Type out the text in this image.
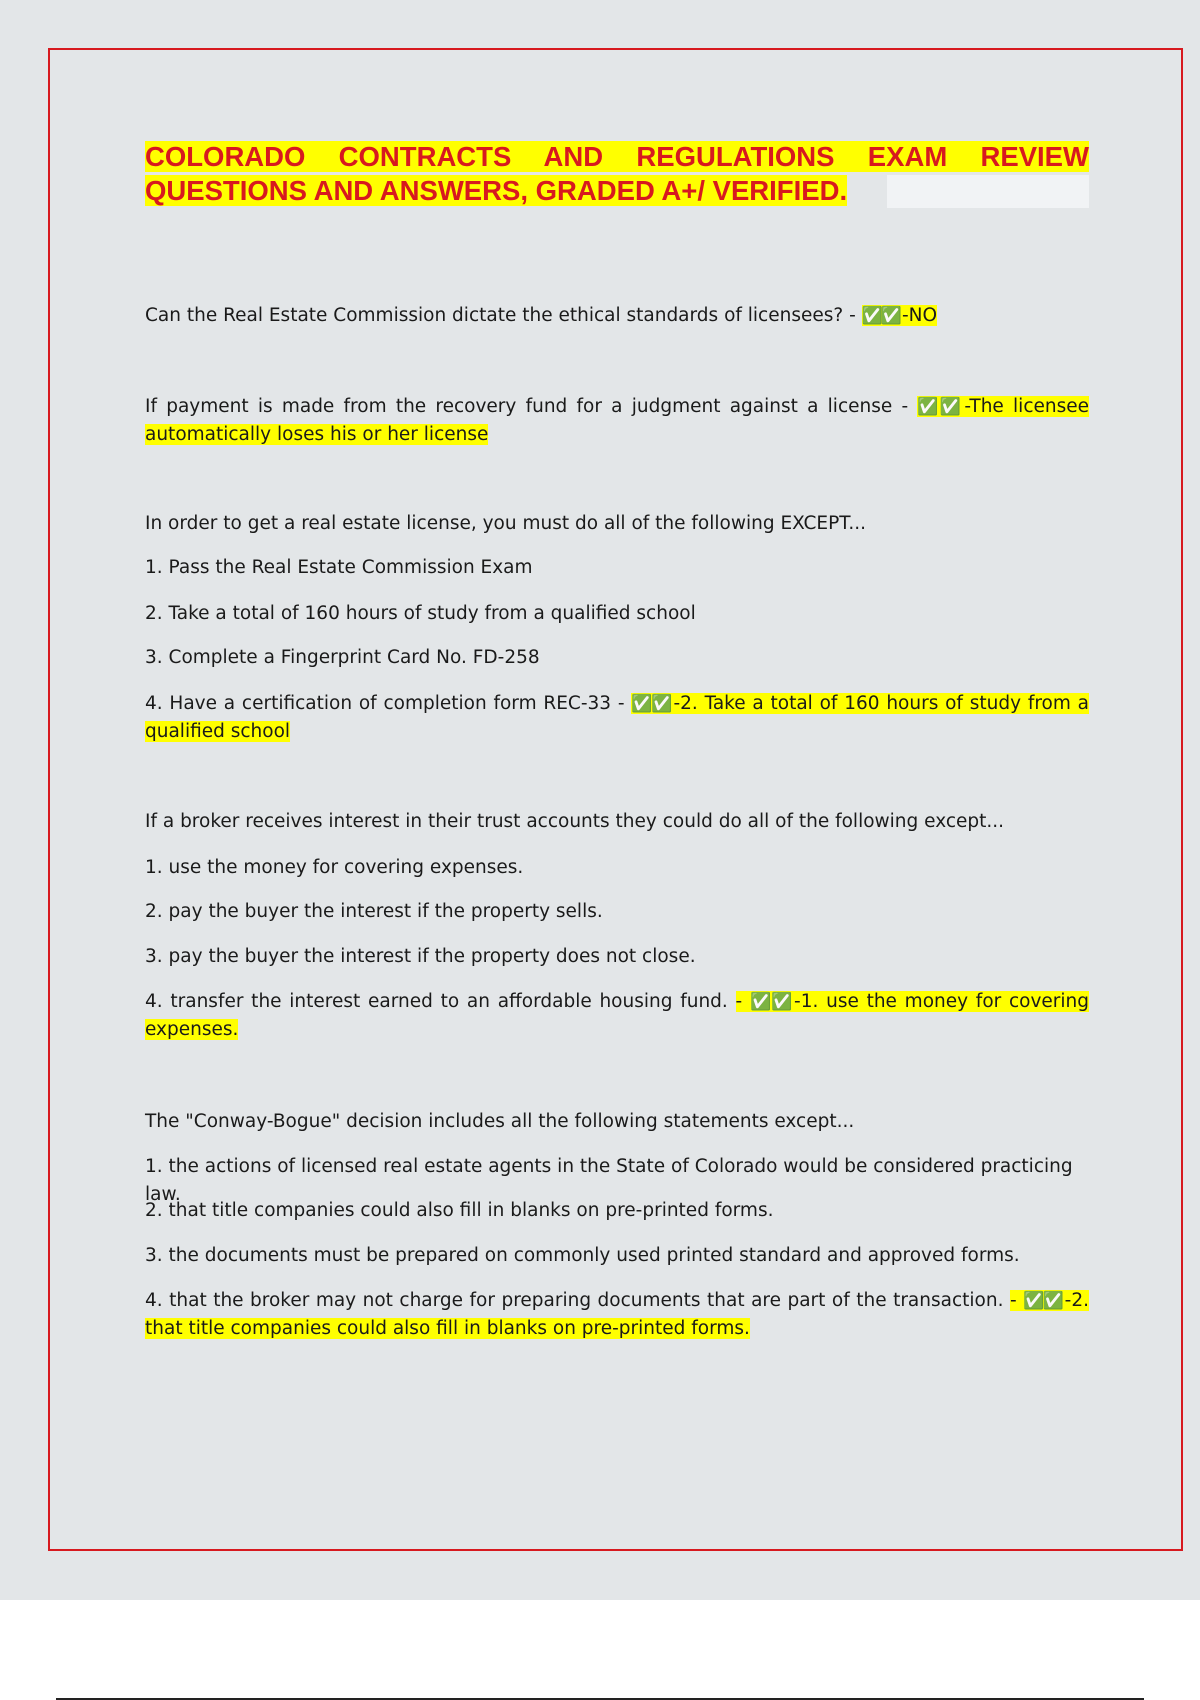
COLORADO CONTRACTS AND REGULATIONS EXAM REVIEW
QUESTIONS AND ANSWERS, GRADED A+/ VERIFIED.
Can the Real Estate Commission dictate the ethical standards of licensees? - ✅✅ -NO
If payment is made from the recovery fund for a judgment against a license - ✅✅ -The licensee automatically loses his or her license
In order to get a real estate license, you must do all of the following EXCEPT...
1. Pass the Real Estate Commission Exam
2. Take a total of 160 hours of study from a qualified school
3. Complete a Fingerprint Card No. FD-258
4. Have a certification of completion form REC-33 - ✅✅ -2. Take a total of 160 hours of study from a qualified school
If a broker receives interest in their trust accounts they could do all of the following except...
1. use the money for covering expenses.
2. pay the buyer the interest if the property sells.
3. pay the buyer the interest if the property does not close.
4. transfer the interest earned to an affordable housing fund. - ✅✅ -1. use the money for covering expenses.
The "Conway-Bogue" decision includes all the following statements except...
1. the actions of licensed real estate agents in the State of Colorado would be considered practicing law.
2. that title companies could also fill in blanks on pre-printed forms.
3. the documents must be prepared on commonly used printed standard and approved forms.
4. that the broker may not charge for preparing documents that are part of the transaction. - ✅✅ -2. that title companies could also fill in blanks on pre-printed forms.
